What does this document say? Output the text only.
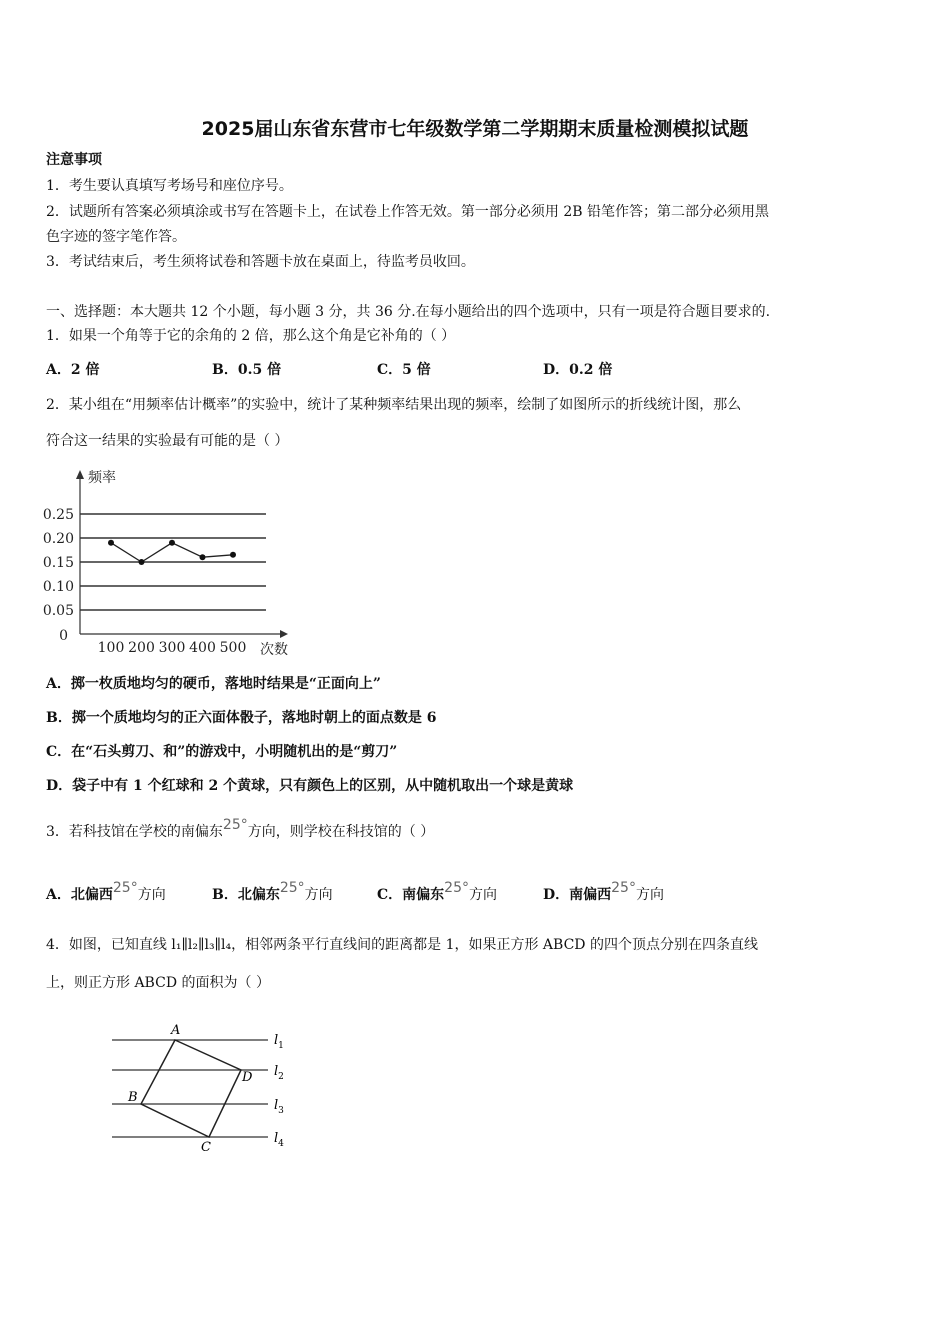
2025届山东省东营市七年级数学第二学期期末质量检测模拟试题
注意事项
1．考生要认真填写考场号和座位序号。
2．试题所有答案必须填涂或书写在答题卡上，在试卷上作答无效。第一部分必须用 2B 铅笔作答；第二部分必须用黑
色字迹的签字笔作答。
3．考试结束后，考生须将试卷和答题卡放在桌面上，待监考员收回。
一、选择题：本大题共 12 个小题，每小题 3 分，共 36 分.在每小题给出的四个选项中，只有一项是符合题目要求的.
1．如果一个角等于它的余角的 2 倍，那么这个角是它补角的（ ）
A．2 倍	B．0.5 倍	C．5 倍	D．0.2 倍
2．某小组在“用频率估计概率”的实验中，统计了某种频率结果出现的频率，绘制了如图所示的折线统计图，那么
符合这一结果的实验最有可能的是（ ）
0.05
0.10
0.15
0.20
0.25
频率
次数
0
100 200 300 400 500
A．掷一枚质地均匀的硬币，落地时结果是“正面向上”
B．掷一个质地均匀的正六面体骰子，落地时朝上的面点数是 6
C．在“石头剪刀、和”的游戏中，小明随机出的是“剪刀”
D．袋子中有 1 个红球和 2 个黄球，只有颜色上的区别，从中随机取出一个球是黄球
3．若科技馆在学校的南偏东25°方向，则学校在科技馆的（ ）
A．北偏西25°方向	B．北偏东25°方向	C．南偏东25°方向	D．南偏西25°方向
4．如图，已知直线 l₁∥l₂∥l₃∥l₄，相邻两条平行直线间的距离都是 1，如果正方形 ABCD 的四个顶点分别在四条直线
上，则正方形 ABCD 的面积为（ ）
A
B
C
D
$l_1$
$l_2$
$l_3$
$l_4$
